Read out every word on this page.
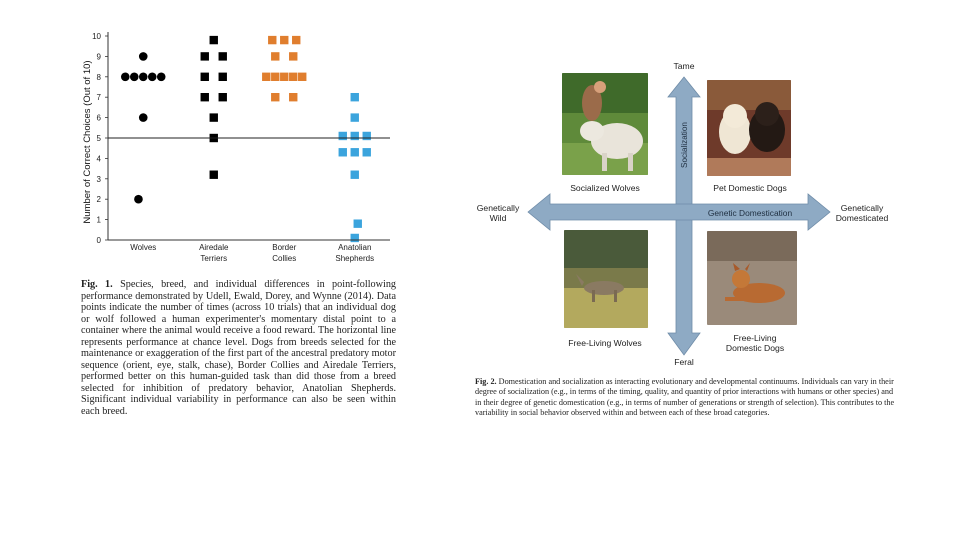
Number of Correct Choices (Out of 10)
0
1
2
3
4
5
6
7
8
9
10
Wolves	Airedale
Terriers
Border
Collies
Anatolian
Shepherds
Fig. 1. Species, breed, and individual differences in point-following performance demonstrated by Udell, Ewald, Dorey, and Wynne (2014). Data points indicate the number of times (across 10 trials) that an individual dog or wolf followed a human experimenter's momentary distal point to a container where the animal would receive a food reward. The horizontal line represents performance at chance level. Dogs from breeds selected for the maintenance or exaggeration of the first part of the ancestral predatory motor sequence (orient, eye, stalk, chase), Border Collies and Airedale Terriers, performed better on this human-guided task than did those from a breed selected for inhibition of predatory behavior, Anatolian Shepherds. Significant individual variability in performance can also be seen within each breed.
Socialized Wolves	Pet Domestic Dogs
Free-Living Wolves	Free-Living
Domestic Dogs
Socialization
Genetic Domestication
Tame
Feral
Genetically
Wild
Genetically
Domesticated
Fig. 2. Domestication and socialization as interacting evolutionary and developmental continuums. Individuals can vary in their degree of socialization (e.g., in terms of the timing, quality, and quantity of prior interactions with humans or other species) and in their degree of genetic domestication (e.g., in terms of number of generations or strength of selection). This contributes to the variability in social behavior observed within and between each of these broad categories.
